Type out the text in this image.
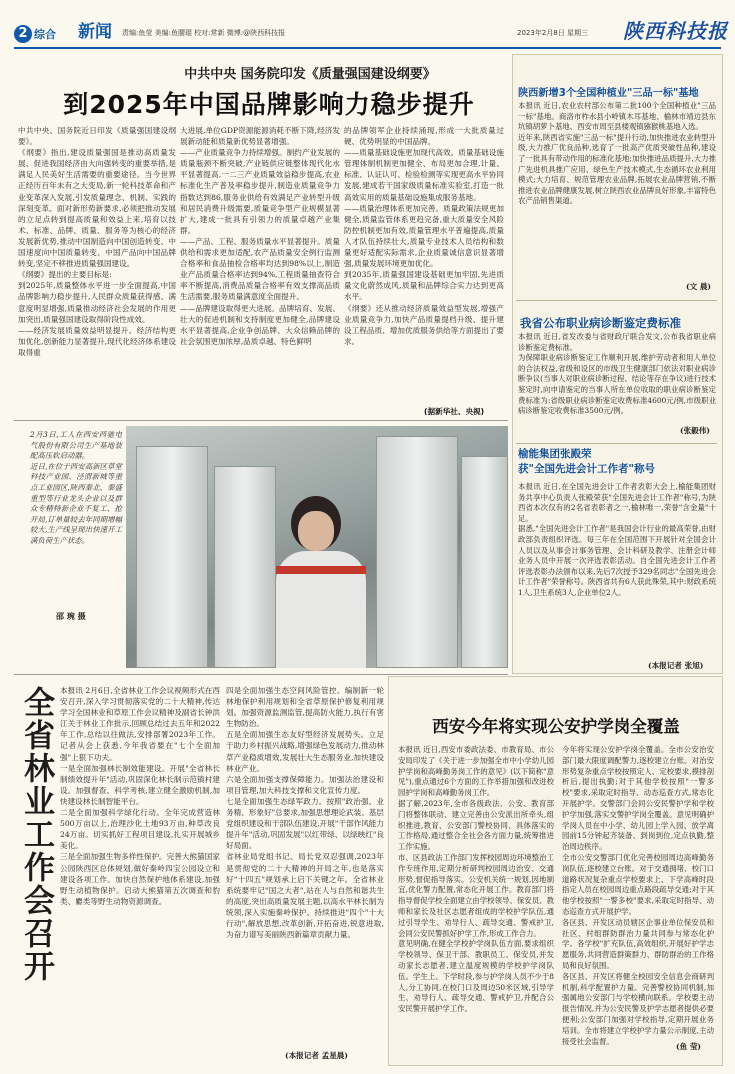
2 综合 新闻 责编:鱼莹 美编:鱼腰琨 校对:常新 微博:@陕西科技报	2023年2月8日 星期三 陕西科技报
中共中央 国务院印发《质量强国建设纲要》
到2025年中国品牌影响力稳步提升

中共中央、国务院近日印发《质量强国建设纲要》。
《纲要》指出,建设质量强国是推动高质量发展、促进我国经济由大向强转变的重要举措,是满足人民美好生活需要的重要途径。当今世界正经历百年未有之大变局,新一轮科技革命和产业变革深入发展,引发质量理念、机制、实践的深刻变革。面对新形势新要求,必须把推动发展的立足点转到提高质量和效益上来,培育以技术、标准、品牌、质量、服务等为核心的经济发展新优势,推动中国制造向中国创造转变、中国速度向中国质量转变、中国产品向中国品牌转变,坚定不移推进质量强国建设。
《纲要》提出的主要目标是:
到2025年,质量整体水平进一步全面提高,中国品牌影响力稳步提升,人民群众质量获得感、满意度明显增强,质量推动经济社会发展的作用更加突出,质量强国建设取得阶段性成效。
——经济发展质量效益明显提升。经济结构更加优化,创新能力显著提升,现代化经济体系建设取得重

大进展,单位GDP资源能源消耗不断下降,经济发展新动能和质量新优势显著增强。
——产业质量竞争力持续增强。制约产业发展的质量瓶颈不断突破,产业链供应链整体现代化水平显著提高,一二三产业质量效益稳步提高,农业标准化生产普及率稳步提升,制造业质量竞争力指数达到86,服务业供给有效满足产业转型升级和居民消费升级需要,质量竞争型产业规模显著扩大,建成一批具有引领力的质量卓越产业集群。
——产品、工程、服务质量水平显著提升。质量供给和需求更加适配,农产品质量安全例行监测合格率和食品抽检合格率均达到98%以上,制造业产品质量合格率达到94%,工程质量抽查符合率不断提高,消费品质量合格率有效支撑高品质生活需要,服务质量满意度全面提升。
——品牌建设取得更大进展。品牌培育、发展、壮大的促进机制和支持制度更加健全,品牌建设水平显著提高,企业争创品牌、大众信赖品牌的社会氛围更加浓厚,品质卓越、特色鲜明

的品牌领军企业持续涌现,形成一大批质量过硬、优势明显的中国品牌。
——质量基础设施更加现代高效。质量基础设施管理体制机制更加健全、布局更加合理,计量、标准、认证认可、检验检测等实现更高水平协同发展,建成若干国家级质量标准实验室,打造一批高效实用的质量基础设施集成服务基地。
——质量治理体系更加完善。质量政策法规更加健全,质量监管体系更趋完备,重大质量安全风险防控机制更加有效,质量管理水平普遍提高,质量人才队伍持续壮大,质量专业技术人员结构和数量更好适配实际需求,企业质量诚信意识显著增强,质量发展环境更加优化。
到2035年,质量强国建设基础更加牢固,先进质量文化蔚然成风,质量和品牌综合实力达到更高水平。
《纲要》还从推动经济质量效益型发展,增强产业质量竞争力,加快产品质量提档升级、提升建设工程品质、增加优质服务供给等方面提出了要求。

(据新华社、央视)

2月3日,工人在西安西驰电气股份有限公司生产基地装配高压软启动器。
近日,在位于西安高新区草堂科技产业园、泾渭新城等重点工业园区,陕西秦北、秦盛重型等行业龙头企业以及群众专精特新企业不复工、抢开局,订单量较去年同期增幅较大,生产线呈现出快速开工满负荷生产状态。

邵 琬 摄
全省林业工作会召开 本报讯 2月6日,全省林业工作会议视频形式在西安召开,深入学习贯彻落实党的二十大精神,传达学习全国林业和草原工作会议精神及副省长钟洪江关于林业工作批示,回顾总结过去五年和2022年工作,总结以往做法,安排部署2023年工作。记者从会上获悉,今年我省要在"七个全面加强"上狠下功夫。
一是全面加强林长制效能建设。开展"全省林长制绩效提升年"活动,巩固深化林长制示范镇村建设。加强督查、科学考核,建立健全激励机制,加快建设林长制智能平台。
二是全面加强科学绿化行动。全年完成营造林500万亩以上,治理沙化土地93万亩,种草改良24万亩。切实抓好工程项目建设,扎实开展城乡美化。
三是全面加强生物多样性保护。完善大熊猫国家公园陕西区总体规划,做好秦岭四宝公园设立和建设各项工作。加快自然保护地体系建设,加强野生动植物保护。启动大熊猫第五次调查和豹类、麝类等野生动物资源调查。

四是全面加强生态空间风险管控。编制新一轮林地保护利用规划和全省草原保护修复利用规划。加强资源监测监管,提高防火能力,执行有害生物防治。
五是全面加强生态友好型经济发展势头。立足于助力乡村振兴战略,增强绿色发展动力,推动林草产业稳质增效,发展壮大生态服务业,加快建设林业产业。
六是全面加强支撑保障能力。加强法治建设和项目管理,加大科技支撑和文化宣传力度。
七是全面加强生态绿军政力。按照"政治强、业务精、形象好"总要求,加强思想理论武装、基层党组织建设和干部队伍建设,开展"干部作风能力提升年"活动,巩固发展"以红带绿、以绿映红"良好局面。
省林业局党组书记、局长党双忍强调,2023年是贯彻党的二十大精神的开局之年,也是落实好"十四五"规划承上启下关键之年。全省林业系统要牢记"国之大者",站在人与自然和谐共生的高度,突出高质量发展主题,以高水平林长制为统领,深入实施秦岭保护、持续推进"四个"十大行动",解放思想,改革创新,开拓奋进,锐意进取,为奋力谱写美丽陕西新篇章贡献力量。

(本报记者 孟星晨)
西安今年将实现公安护学岗全覆盖

本报讯 近日,西安市委政法委、市教育局、市公安局印发了《关于进一步加强全市中小学幼儿园护学岗和高峰勤务岗工作的意见》(以下简称"意见"),重点通过6个方面的工作举措加强和改进校园护学岗和高峰勤务岗工作。
据了解,2023年,全市各级政法、公安、教育部门将整体联动、建立完善由公安派出所牵头,组织推进,教育、公安部门警校协同、具体落实的工作格局,通过整合全社会各方面力量,统筹推进工作实施。
市、区县政法工作部门发挥校园周边环境整治工作专班作用,定期分析研判校园周边治安、交通形势,督促指导落实。公安机关统一规划,因地制宜,优化警力配置,常态化开展工作。教育部门将指导督促学校全面建立由学校领导、保安员、教师和家长及社区志愿者组成的学校护学队伍,通过引导学生、劝导行人、疏导交通、警戒护卫,会同公安民警抓好护学工作,形成工作合力。
意见明确,在健全学校护学岗队伍方面,要求组织学校领导、保卫干部、教职员工、保安员,并发动家长志愿者,建立温度规模的学校护学岗队伍。学生上、下学时段,参与护学岗人员不少于8人,分工协同,在校门口及周边50米区域,引导学生、劝导行人、疏导交通、警戒护卫,并配合公安民警开展护学工作。

今年将实现公安护学岗全覆盖。全市公安治安部门最大限度调配警力,逐校建立台账。对治安形势复杂重点学校按照定人、定校要求,摸排剖析后,提出执勤;对于其他学校按照"一警多校"要求,采取定时指导、动态巡查方式,常态化开展护学。交警部门会同公安民警护学和学校护学加强,落实交警护学岗全覆盖。意见明确护学岗人员在中小学、幼儿园上学入园、放学离园前15分钟起齐装备、到岗到位,定点执勤,整治周边秩序。
全市公安交警部门优化完善校园周边高峰勤务岗队伍,逐校建立台账。对于交通拥堵、校门口道路状况复杂重点学校要求上、下学高峰时段指定人员在校园周边重点路段疏导交通;对于其他学校按照"一警多校"要求,采取定时指导、动态巡查方式开展护学。
各区县、开发区动员辖区企事业单位保安员和社区、村组群防群治力量共同参与常态化护学。各学校"扩充队伍,高效组织,开展好护学志愿服务,共同营造群策群力、群防群治的工作格局和良好氛围。
各区县、开发区将健全校园安全信息会商研判机制,科学配置护力量。完善警校协同机制,加强属地公安部门与学校横向联系。学校要主动报告情况,并为公安民警及护学志愿者提供必要便利;公安部门加强对学校指导,定期开展业务培训。全市将建立学校护学力量公示制度,主动接受社会监督。

(鱼 莹)
陕西新增3个全国种植业"三品一标"基地

本报讯 近日,农业农村部公布第二批100个全国种植业"三品一标"基地。商洛市柞水县小岭镇木耳基地、榆林市靖边县东坑镇胡萝卜基地、西安市周至县楼观镇猕猴桃基地入选。
近年来,陕西省实施"三品一标"提升行动,加快推进农业转型升级,大力推广优良品种,选育了一批高产优质突破性品种,建设了一批具有带动作用的标准化基地;加快推进品质提升,大力推广先进机具推广应用、绿色生产技术模式,生态循环农业利用模式;大力培育、规范管理农业品牌,拓展农业品牌营销,不断推进农业品牌健康发展,树立陕西农业品牌良好形象,丰富特色农产品销售渠道。

(文 晨)
我省公布职业病诊断鉴定费标准

本报讯 近日,省发改委与省财政厅联合发文,公布我省职业病诊断鉴定费标准。
为保障职业病诊断鉴定工作顺利开展,维护劳动者和用人单位的合法权益,省级和设区的市级卫生健康部门依法对职业病诊断争议(当事人对职业病诊断过程、结论等存在争议)进行技术鉴定时,向申请鉴定的当事人所在单位收取的职业病诊断鉴定费标准为:省级职业病诊断鉴定收费标准4600元/例,市级职业病诊断鉴定收费标准3500元/例。

(张毅伟)
榆能集团张殿荣
获"全国先进会计工作者"称号

本报讯 近日,在全国先进会计工作者表彰大会上,榆能集团财务共享中心负责人张殿荣获"全国先进会计工作者"称号,为陕西省本次仅有的2名省表彰者之一,榆林唯一,荣誉"含金量"十足。
据悉,"全国先进会计工作者"是我国会计行业的最高荣誉,由财政部负责组织评选。每三年在全国范围下开展针对全国会计人员以及从事会计事务管理、会计科研及教学、注册会计师业务人员中开展一次评选表彰活动。自全国先进会计工作者评选表彰办法颁布以来,先后7次授予329名同志"全国先进会计工作者"荣誉称号。陕西省共有6人获此殊荣,其中:财政系统1人,卫生系统3人,企业单位2人。

(本报记者 张旭)
